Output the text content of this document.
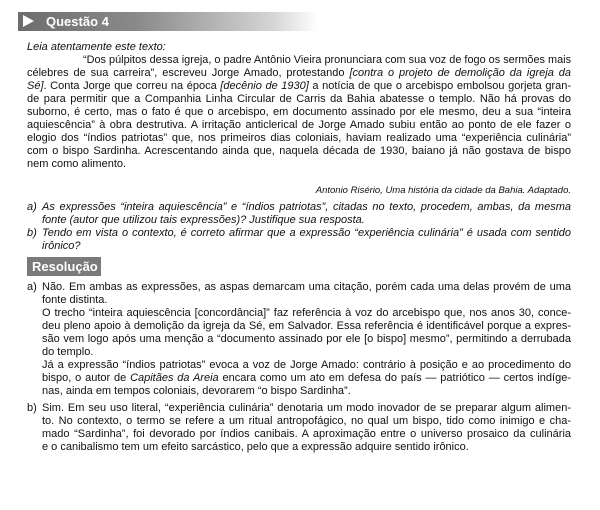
Questão 4
Resolução
Leia atentamente este texto:
“Dos púlpitos dessa igreja, o padre Antônio Vieira pronunciara com sua voz de fogo os sermões mais
célebres de sua carreira”, escreveu Jorge Amado, protestando [contra o projeto de demolição da igreja da
Sé]. Conta Jorge que correu na época [decênio de 1930] a notícia de que o arcebispo embolsou gorjeta gran-
de para permitir que a Companhia Linha Circular de Carris da Bahia abatesse o templo. Não há provas do
suborno, é certo, mas o fato é que o arcebispo, em documento assinado por ele mesmo, deu a sua “inteira
aquiescência” à obra destrutiva. A irritação anticlerical de Jorge Amado subiu então ao ponto de ele fazer o
elogio dos “índios patriotas” que, nos primeiros dias coloniais, haviam realizado uma “experiência culinária”
com o bispo Sardinha. Acrescentando ainda que, naquela década de 1930, baiano já não gostava de bispo
nem como alimento.
Antonio Risério, Uma história da cidade da Bahia. Adaptado.
a) As expressões “inteira aquiescência” e “índios patriotas”, citadas no texto, procedem, ambas, da mesma
fonte (autor que utilizou tais expressões)? Justifique sua resposta.
b) Tendo em vista o contexto, é correto afirmar que a expressão “experiência culinária” é usada com sentido
irônico?
a) Não. Em ambas as expressões, as aspas demarcam uma citação, porém cada uma delas provém de uma
fonte distinta.
O trecho “inteira aquiescência [concordância]” faz referência à voz do arcebispo que, nos anos 30, conce-
deu pleno apoio à demolição da igreja da Sé, em Salvador. Essa referência é identificável porque a expres-
são vem logo após uma menção a “documento assinado por ele [o bispo] mesmo”, permitindo a derrubada
do templo.
Já a expressão “índios patriotas” evoca a voz de Jorge Amado: contrário à posição e ao procedimento do
bispo, o autor de Capitães da Areia encara como um ato em defesa do país — patriótico — certos indíge-
nas, ainda em tempos coloniais, devorarem “o bispo Sardinha”.
b) Sim. Em seu uso literal, “experiência culinária” denotaria um modo inovador de se preparar algum alimen-
to. No contexto, o termo se refere a um ritual antropofágico, no qual um bispo, tido como inimigo e cha-
mado “Sardinha”, foi devorado por índios canibais. A aproximação entre o universo prosaico da culinária
e o canibalismo tem um efeito sarcástico, pelo que a expressão adquire sentido irônico.
